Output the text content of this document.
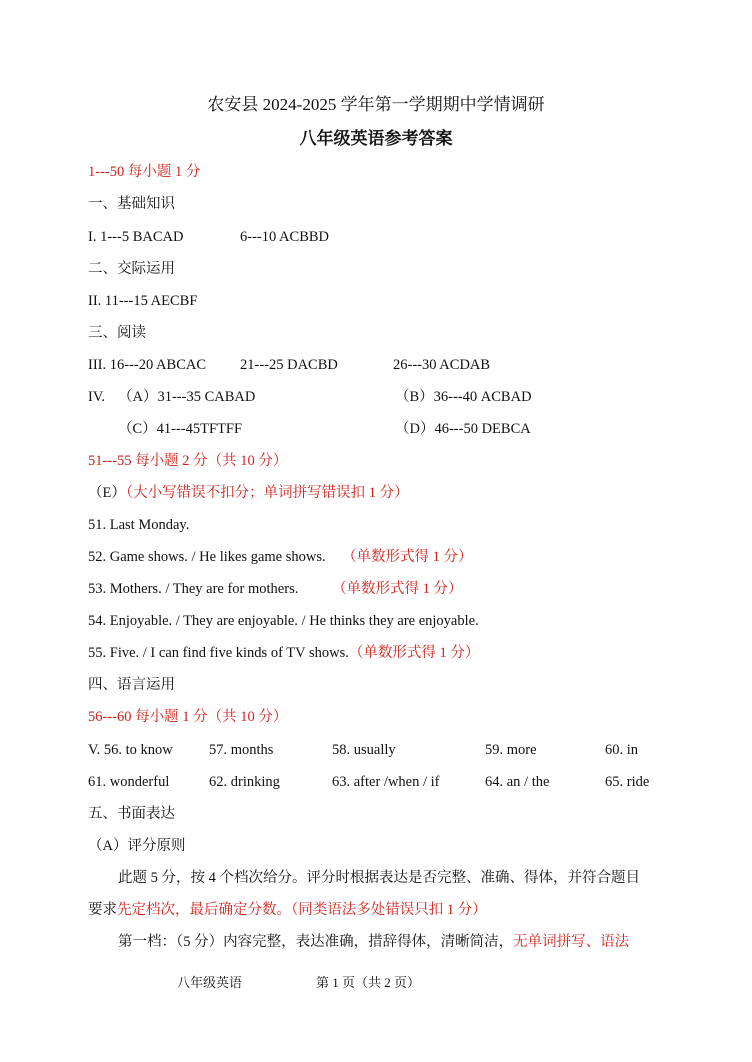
农安县 2024-2025 学年第一学期期中学情调研
八年级英语参考答案
1---50 每小题 1 分
一、基础知识
I. 1---5 BACAD	6---10 ACBBD
二、交际运用
II. 11---15 AECBF
三、阅读
III. 16---20 ABCAC 21---25 DACBD	26---30 ACDAB
IV. （A）31---35 CABAD	（B）36---40 ACBAD
（C）41---45TFTFF	（D）46---50 DEBCA
51---55 每小题 2 分（共 10 分）
（E）（大小写错误不扣分；单词拼写错误扣 1 分）
51. Last Monday.
52. Game shows. / He likes game shows. （单数形式得 1 分）
53. Mothers. / They are for mothers. （单数形式得 1 分）
54. Enjoyable. / They are enjoyable. / He thinks they are enjoyable.
55. Five. / I can find five kinds of TV shows.（单数形式得 1 分）
四、语言运用
56---60 每小题 1 分（共 10 分）
V. 56. to know	57. months	58. usually	59. more	60. in
61. wonderful	62. drinking	63. after /when / if	64. an / the	65. ride
五、书面表达
（A）评分原则
此题 5 分，按 4 个档次给分。评分时根据表达是否完整、准确、得体，并符合题目
要求先定档次，最后确定分数。（同类语法多处错误只扣 1 分）
第一档：（5 分）内容完整，表达准确，措辞得体，清晰简洁，无单词拼写、语法
八年级英语	第 1 页（共 2 页）
